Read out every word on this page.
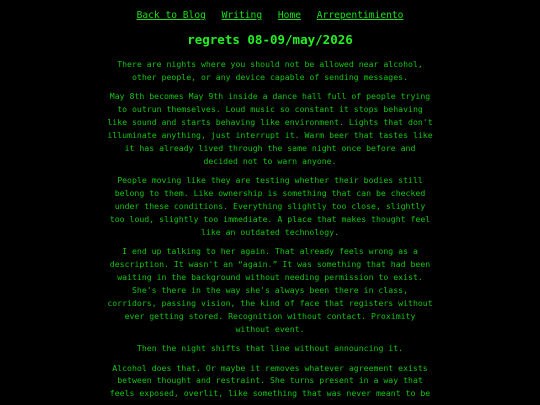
Back to Blog Writing Home Arrepentimiento
regrets 08-09/may/2026

There are nights where you should not be allowed near alcohol,
other people, or any device capable of sending messages.

May 8th becomes May 9th inside a dance hall full of people trying
to outrun themselves. Loud music so constant it stops behaving
like sound and starts behaving like environment. Lights that don't
illuminate anything, just interrupt it. Warm beer that tastes like
it has already lived through the same night once before and
decided not to warn anyone.

People moving like they are testing whether their bodies still
belong to them. Like ownership is something that can be checked
under these conditions. Everything slightly too close, slightly
too loud, slightly too immediate. A place that makes thought feel
like an outdated technology.

I end up talking to her again. That already feels wrong as a
description. It wasn't an “again.” It was something that had been
waiting in the background without needing permission to exist.
She's there in the way she's always been there in class,
corridors, passing vision, the kind of face that registers without
ever getting stored. Recognition without contact. Proximity
without event.

Then the night shifts that line without announcing it.

Alcohol does that. Or maybe it removes whatever agreement exists
between thought and restraint. She turns present in a way that
feels exposed, overlit, like something that was never meant to be
